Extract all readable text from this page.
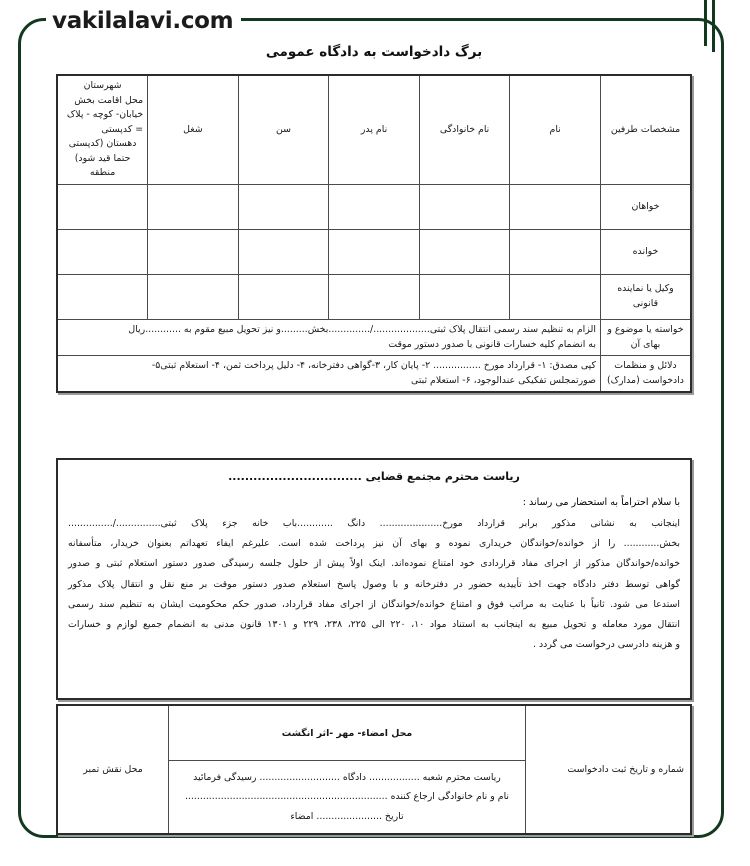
vakilalavi.com
برگ دادخواست به دادگاه عمومی
مشخصات طرفین	نام	نام خانوادگی	نام پدر	سن	شغل	شهرستان
محل اقامت بخش خیابان- کوچه - پلاک = کدپستی
دهستان (کدپستی حتما قید شود)
منطقه

خواهان						
خوانده						
وکیل یا نماینده قانونی						
خواسته یا موضوع و بهای آن	الزام به تنظیم سند رسمی انتقال پلاک ثبتی.................../..............بخش.........و نیز تحویل مبیع مقوم به ............ریال
به انضمام کلیه خسارات قانونی با صدور دستور موقت					

دلائل و منظمات دادخواست (مدارک)	کپی مصدق: ۱- قرارداد مورخ ................ ۲- پایان کار، ۳-گواهی دفترخانه، ۴- دلیل پرداخت ثمن، ۴- استعلام ثبتی۵-
صورتمجلس تفکیکی عندالوجود، ۶- استعلام ثبتی					
ریاست محترم مجتمع قضایی ................................
با سلام احتراماً به استحضار می رساند :
اینجانب به نشانی مذکور برابر قرارداد مورخ..................... دانگ ............باب خانه جزء پلاک ثبتی.............../...............
بخش............ را از خوانده/خواندگان خریداری نموده و بهای آن نیز پرداخت شده است. علیرغم ایفاء تعهداتم بعنوان خریدار، متأسفانه
خوانده/خواندگان مذکور از اجرای مفاد قراردادی خود امتناع نموده‌اند. اینک اولاً پیش از حلول جلسه رسیدگی صدور دستور استعلام ثبتی و صدور
گواهی توسط دفتر دادگاه جهت اخذ تأییدیه حضور در دفترخانه و با وصول پاسخ استعلام صدور دستور موقت بر منع نقل و انتقال پلاک مذکور
استدعا می شود. ثانیاً با عنایت به مراتب فوق و امتناع خوانده/خواندگان از اجرای مفاد قرارداد، صدور حکم محکومیت ایشان به تنظیم سند رسمی
انتقال مورد معامله و تحویل مبیع به اینجانب به استناد مواد ۱۰، ۲۲۰ الی ۲۲۵، ۲۳۸، ۲۲۹ و ۱۳۰۱ قانون مدنی به انضمام جمیع لوازم و خسارات
و هزینه دادرسی درخواست می گردد .
شماره و تاریخ ثبت دادخواست	محل امضاء- مهر -اثر انگشت	محل نقش تمبر

ریاست محترم شعبه ................. دادگاه ........................... رسیدگی فرمائید
نام و نام خانوادگی ارجاع کننده ....................................................................
تاریخ ...................... امضاء
